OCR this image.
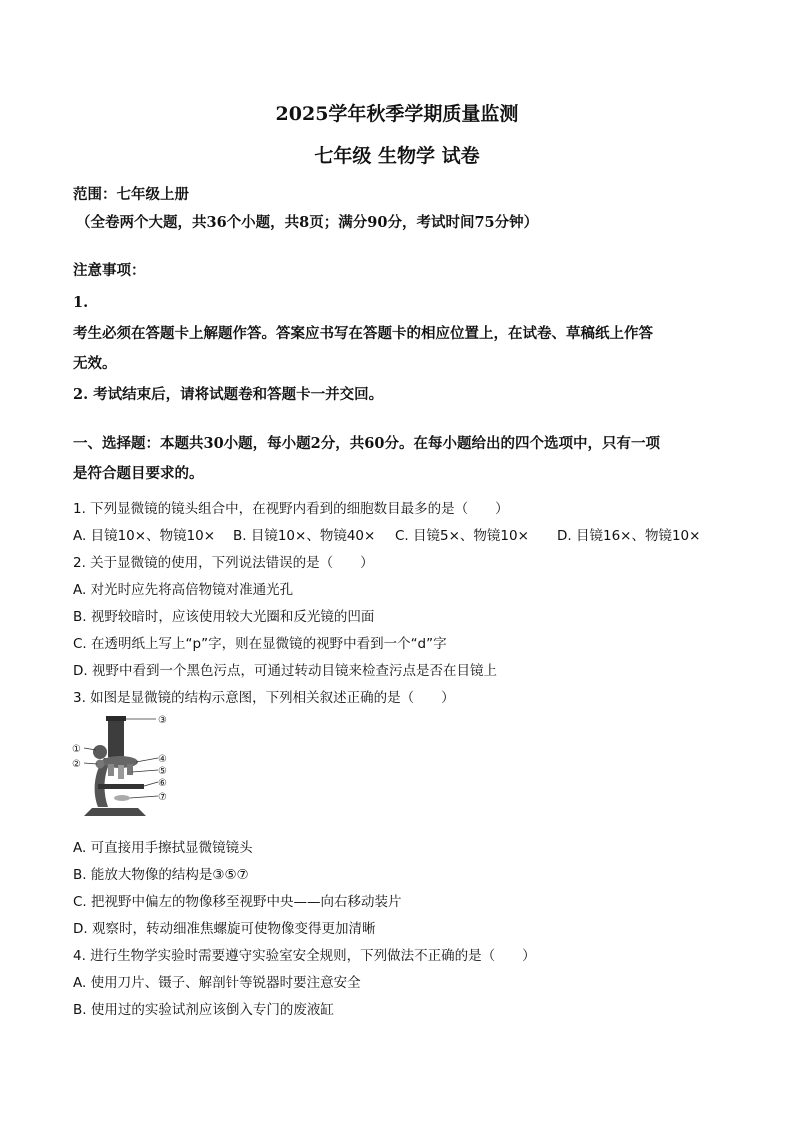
2025学年秋季学期质量监测
七年级 生物学 试卷
范围：七年级上册
（全卷两个大题，共36个小题，共8页；满分90分，考试时间75分钟）
注意事项：
1.
考生必须在答题卡上解题作答。答案应书写在答题卡的相应位置上，在试卷、草稿纸上作答
无效。
2. 考试结束后，请将试题卷和答题卡一并交回。
一、选择题：本题共30小题，每小题2分，共60分。在每小题给出的四个选项中，只有一项
是符合题目要求的。
1. 下列显微镜的镜头组合中，在视野内看到的细胞数目最多的是（　　）
A. 目镜10×、物镜10× B. 目镜10×、物镜40× C. 目镜5×、物镜10× D. 目镜16×、物镜10×
2. 关于显微镜的使用，下列说法错误的是（　　）
A. 对光时应先将高倍物镜对准通光孔
B. 视野较暗时，应该使用较大光圈和反光镜的凹面
C. 在透明纸上写上“p”字，则在显微镜的视野中看到一个“d”字
D. 视野中看到一个黑色污点，可通过转动目镜来检查污点是否在目镜上
3. 如图是显微镜的结构示意图，下列相关叙述正确的是（　　）
③
①
②	④
⑤
⑥
⑦
A. 可直接用手擦拭显微镜镜头
B. 能放大物像的结构是③⑤⑦
C. 把视野中偏左的物像移至视野中央——向右移动装片
D. 观察时，转动细准焦螺旋可使物像变得更加清晰
4. 进行生物学实验时需要遵守实验室安全规则，下列做法不正确的是（　　）
A. 使用刀片、镊子、解剖针等锐器时要注意安全
B. 使用过的实验试剂应该倒入专门的废液缸
